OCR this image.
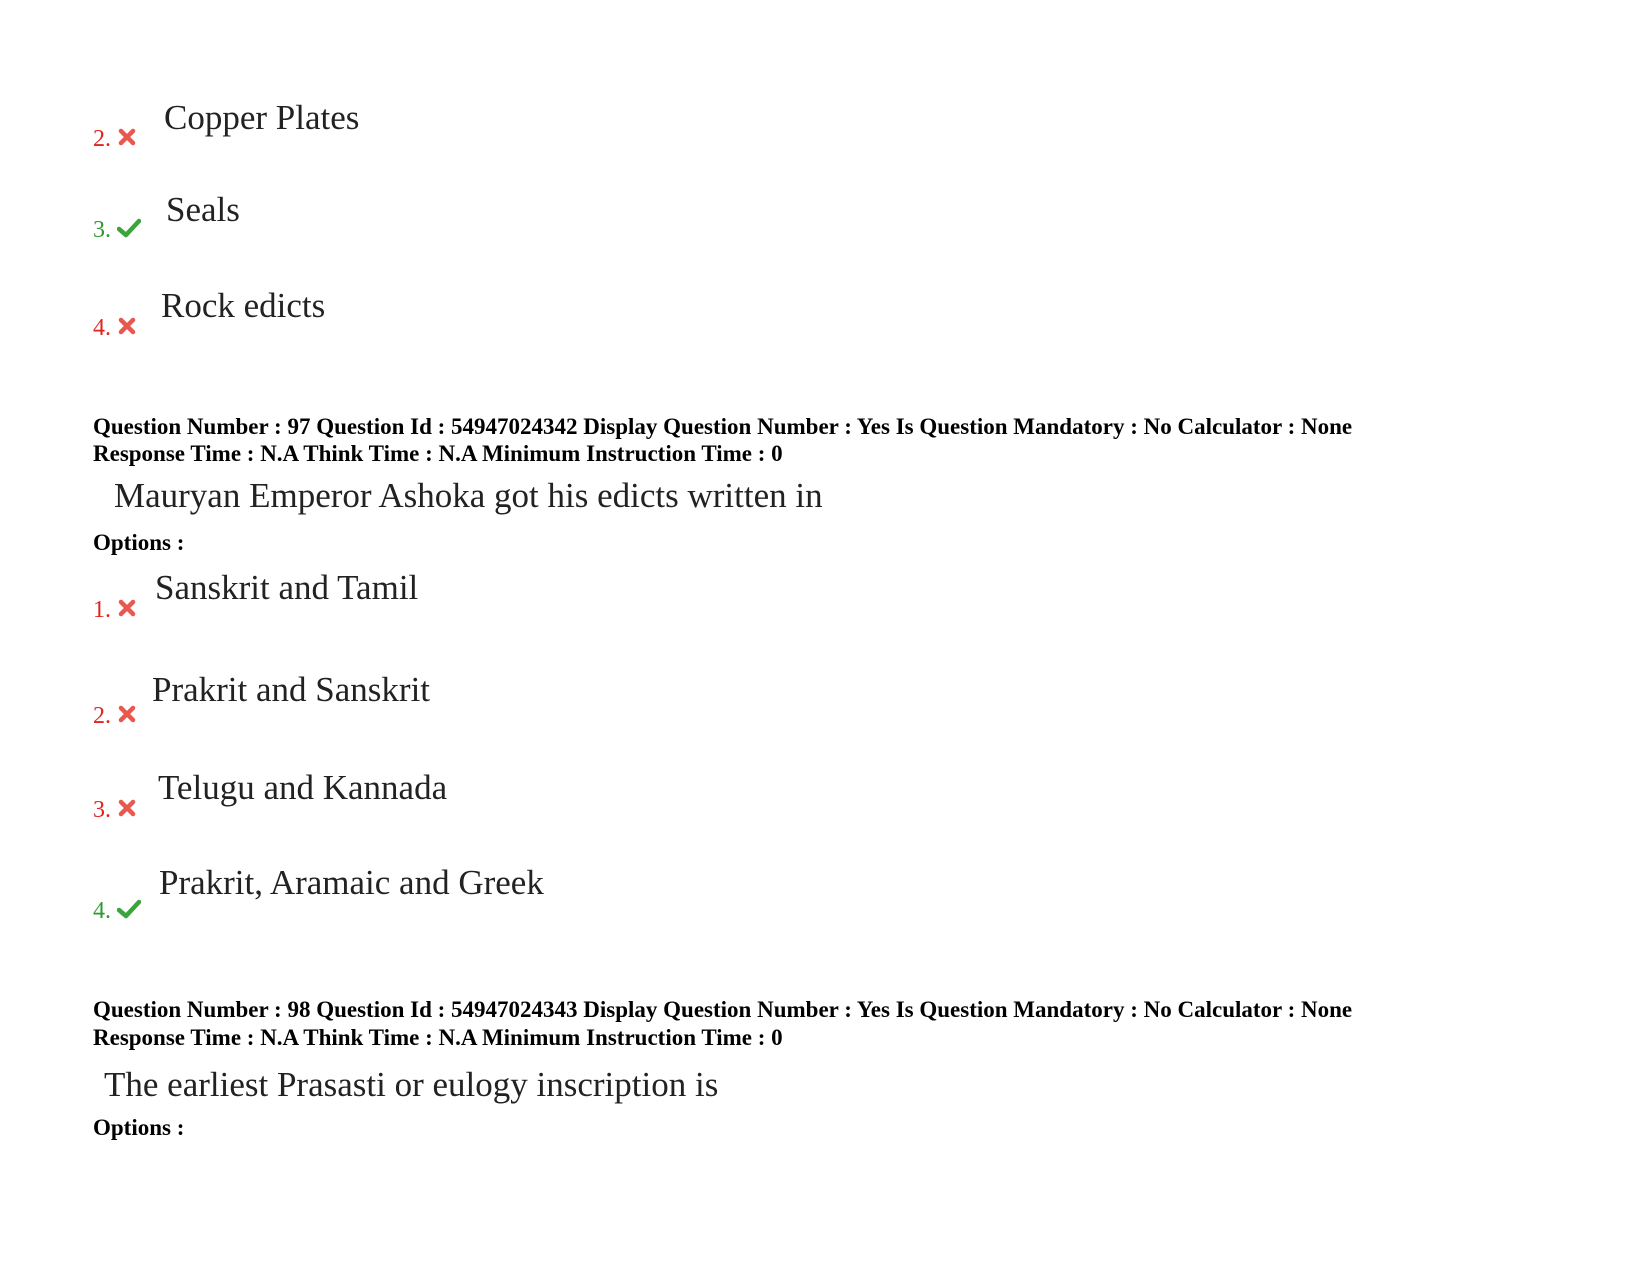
Copper Plates
2.
Seals
3.
Rock edicts
4.
Question Number : 97 Question Id : 54947024342 Display Question Number : Yes Is Question Mandatory : No Calculator : None
Response Time : N.A Think Time : N.A Minimum Instruction Time : 0
Mauryan Emperor Ashoka got his edicts written in
Options :
Sanskrit and Tamil
1.
Prakrit and Sanskrit
2.
Telugu and Kannada
3.
Prakrit, Aramaic and Greek
4.
Question Number : 98 Question Id : 54947024343 Display Question Number : Yes Is Question Mandatory : No Calculator : None
Response Time : N.A Think Time : N.A Minimum Instruction Time : 0
The earliest Prasasti or eulogy inscription is
Options :
